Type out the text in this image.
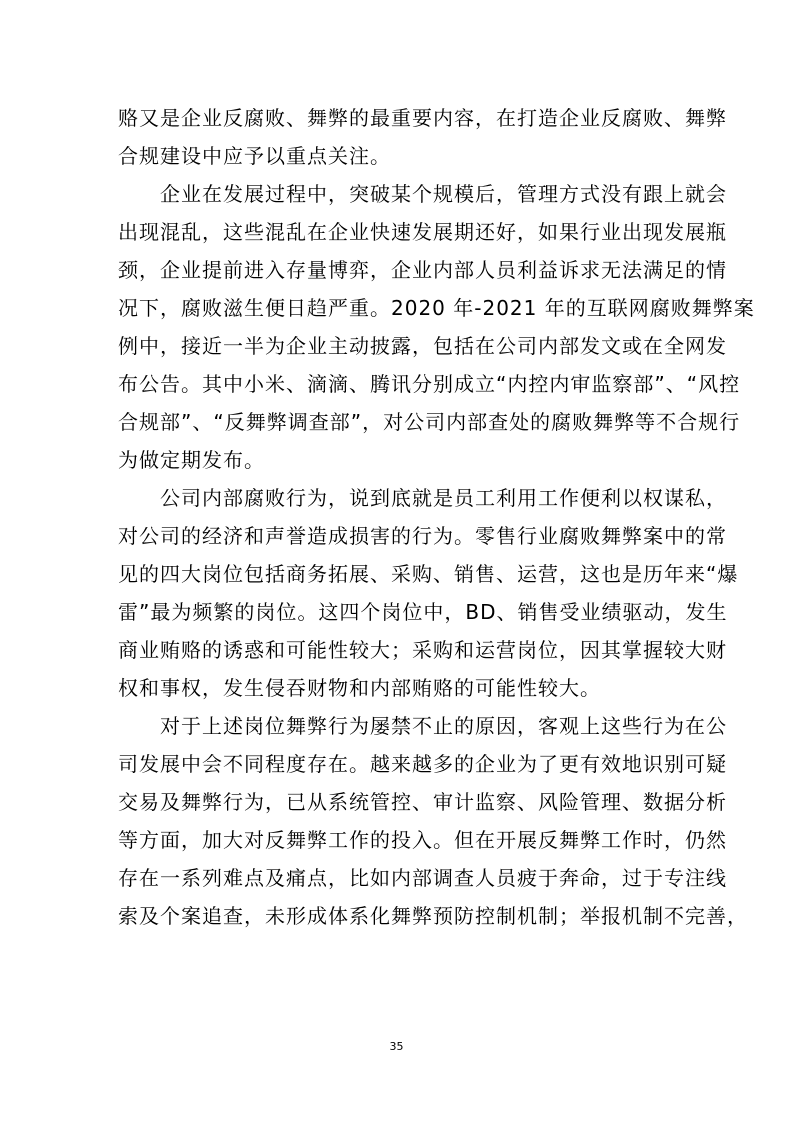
赂又是企业反腐败、舞弊的最重要内容，在打造企业反腐败、舞弊
合规建设中应予以重点关注。
企业在发展过程中，突破某个规模后，管理方式没有跟上就会
出现混乱，这些混乱在企业快速发展期还好，如果行业出现发展瓶
颈，企业提前进入存量博弈，企业内部人员利益诉求无法满足的情
况下，腐败滋生便日趋严重。2020 年-2021 年的互联网腐败舞弊案
例中，接近一半为企业主动披露，包括在公司内部发文或在全网发
布公告。其中小米、滴滴、腾讯分别成立“内控内审监察部”、“风控
合规部”、“反舞弊调查部”，对公司内部查处的腐败舞弊等不合规行
为做定期发布。
公司内部腐败行为，说到底就是员工利用工作便利以权谋私，
对公司的经济和声誉造成损害的行为。零售行业腐败舞弊案中的常
见的四大岗位包括商务拓展、采购、销售、运营，这也是历年来“爆
雷”最为频繁的岗位。这四个岗位中，BD、销售受业绩驱动，发生
商业贿赂的诱惑和可能性较大；采购和运营岗位，因其掌握较大财
权和事权，发生侵吞财物和内部贿赂的可能性较大。
对于上述岗位舞弊行为屡禁不止的原因，客观上这些行为在公
司发展中会不同程度存在。越来越多的企业为了更有效地识别可疑
交易及舞弊行为，已从系统管控、审计监察、风险管理、数据分析
等方面，加大对反舞弊工作的投入。但在开展反舞弊工作时，仍然
存在一系列难点及痛点，比如内部调查人员疲于奔命，过于专注线
索及个案追查，未形成体系化舞弊预防控制机制；举报机制不完善，
35
